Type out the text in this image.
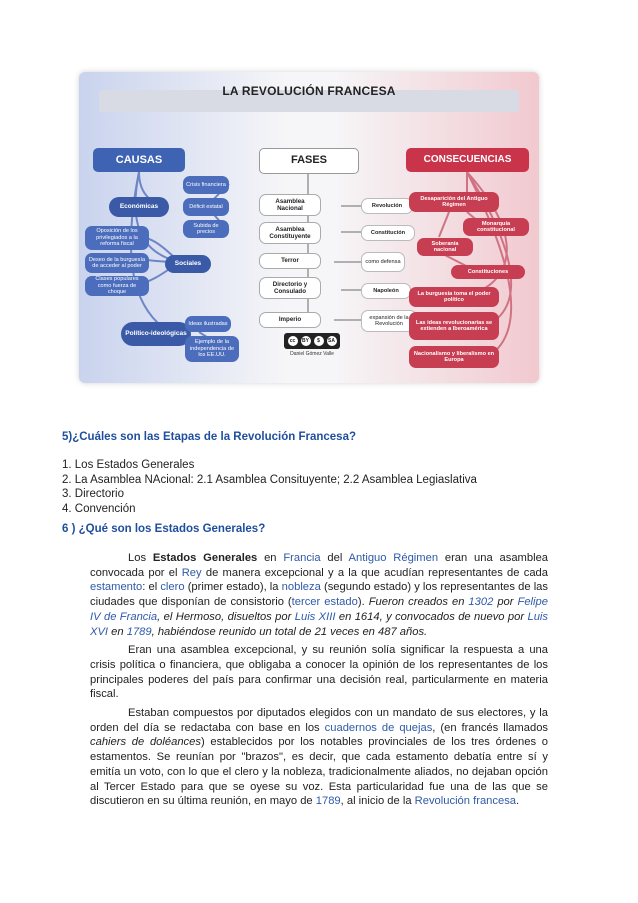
LA REVOLUCIÓN FRANCESA
CAUSAS	FASES	CONSECUENCIAS
Económicas
Crisis financiera
Déficit estatal
Subida de precios
Oposición de los privilegiados a la reforma fiscal
Deseo de la burguesía de acceder al poder
Clases populares como fuerza de choque
Sociales
Político-ideológicas
Ideas ilustradas
Ejemplo de la independencia de los EE.UU.
Asamblea Nacional	Revolución
Asamblea Constituyente
Constitución
Terror	como defensa
Directorio y Consulado	Napoleón
Imperio	expansión de la Revolución
Desaparición del Antiguo Régimen
Monarquía constitucional
Soberanía nacional
Constituciones
La burguesía toma el poder político
Las ideas revolucionarias se extienden a Iberoamérica
Nacionalismo y liberalismo en Europa
cc	BY	$	SA
Daniel Gómez Valle
5)¿Cuáles son las Etapas de la Revolución Francesa?
1. Los Estados Generales
2. La Asamblea NAcional: 2.1 Asamblea Consituyente; 2.2 Asamblea Legiaslativa
3. Directorio
4. Convención
6 ) ¿Qué son los Estados Generales?

Los Estados Generales en Francia del Antiguo Régimen eran una asamblea convocada por el Rey de manera excepcional y a la que acudían representantes de cada estamento: el clero (primer estado), la nobleza (segundo estado) y los representantes de las ciudades que disponían de consistorio (tercer estado). Fueron creados en 1302 por Felipe IV de Francia, el Hermoso, disueltos por Luis XIII en 1614, y convocados de nuevo por Luis XVI en 1789, habiéndose reunido un total de 21 veces en 487 años.

Eran una asamblea excepcional, y su reunión solía significar la respuesta a una crisis política o financiera, que obligaba a conocer la opinión de los representantes de los principales poderes del país para confirmar una decisión real, particularmente en materia fiscal.

Estaban compuestos por diputados elegidos con un mandato de sus electores, y la orden del día se redactaba con base en los cuadernos de quejas, (en francés llamados cahiers de doléances) establecidos por los notables provinciales de los tres órdenes o estamentos. Se reunían por "brazos", es decir, que cada estamento debatía entre sí y emitía un voto, con lo que el clero y la nobleza, tradicionalmente aliados, no dejaban opción al Tercer Estado para que se oyese su voz. Esta particularidad fue una de las que se discutieron en su última reunión, en mayo de 1789, al inicio de la Revolución francesa.
